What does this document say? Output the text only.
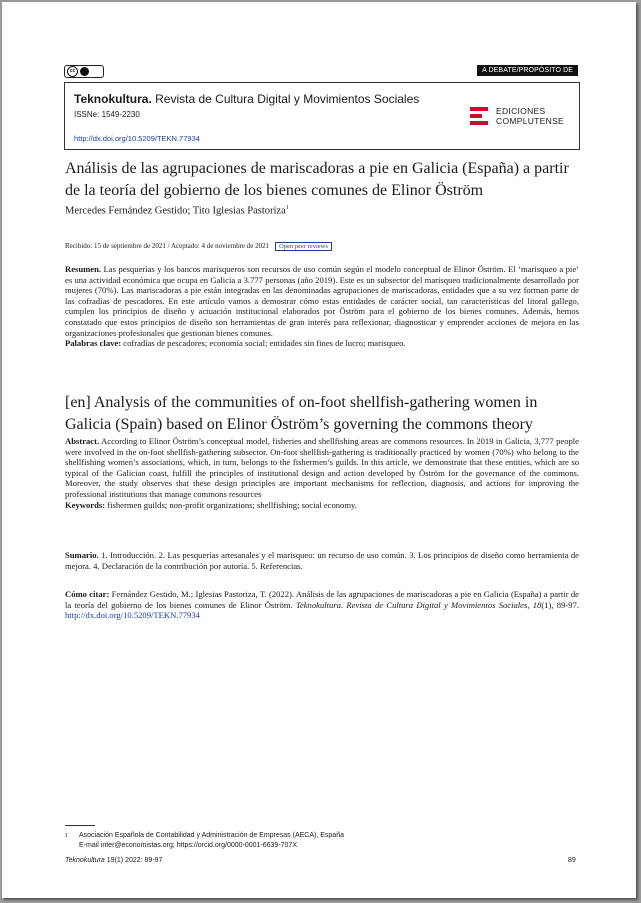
cc	A DEBATE/PROPÓSITO DE
Teknokultura. Revista de Cultura Digital y Movimientos Sociales
ISSNe: 1549-2230
http://dx.doi.org/10.5209/TEKN.77934
EDICIONES
COMPLUTENSE
Análisis de las agrupaciones de mariscadoras a pie en Galicia (España) a partir de la teoría del gobierno de los bienes comunes de Elinor Öström
Mercedes Fernández Gestido; Tito Iglesias Pastoriza$^1$
Recibido: 15 de septiembre de 2021 / Aceptado: 4 de noviembre de 2021 Open peer reviews
Resumen. Las pesquerías y los bancos marisqueros son recursos de uso común según el modelo conceptual de Elinor Öström. El ‘marisqueo a pie’ es una actividad económica que ocupa en Galicia a 3.777 personas (año 2019). Este es un subsector del marisqueo tradicionalmente desarrollado por mujeres (70%). Las mariscadoras a pie están integradas en las denominadas agrupaciones de mariscadoras, entidades que a su vez forman parte de las cofradías de pescadores. En este artículo vamos a demostrar cómo estas entidades de carácter social, tan características del litoral gallego, cumplen los principios de diseño y actuación institucional elaborados por Öström para el gobierno de los bienes comunes. Además, hemos constatado que estos principios de diseño son herramientas de gran interés para reflexionar, diagnosticar y emprender acciones de mejora en las organizaciones profesionales que gestionan bienes comunes.
Palabras clave: cofradías de pescadores; economía social; entidades sin fines de lucro; marisqueo.
[en] Analysis of the communities of on-foot shellfish-gathering women in Galicia (Spain) based on Elinor Öström’s governing the commons theory
Abstract. According to Elinor Öström’s conceptual model, fisheries and shellfishing areas are commons resources. In 2019 in Galicia, 3,777 people were involved in the on-foot shellfish-gathering subsector. On-foot shellfish-gathering is traditionally practiced by women (70%) who belong to the shellfishing women’s associations, which, in turn, belongs to the fishermen’s guilds. In this article, we demonstrate that these entities, which are so typical of the Galician coast, fulfill the principles of institutional design and action developed by Öström for the governance of the commons. Moreover, the study observes that these design principles are important mechanisms for reflection, diagnosis, and actions for improving the professional institutions that manage commons resources
Keywords: fishermen guilds; non-profit organizations; shellfishing; social economy.
Sumario. 1. Introducción. 2. Las pesquerías artesanales y el marisqueo: un recurso de uso común. 3. Los principios de diseño como herramienta de mejora. 4. Declaración de la contribución por autoría. 5. Referencias.
Cómo citar: Fernández Gestido, M.; Iglesias Pastoriza, T. (2022). Análisis de las agrupaciones de mariscadoras a pie en Galicia (España) a partir de la teoría del gobierno de los bienes comunes de Elinor Öström. Teknokultura. Revista de Cultura Digital y Movimientos Sociales, 18(1), 89-97. http://dx.doi.org/10.5209/TEKN.77934
1 Asociación Española de Contabilidad y Administración de Empresas (AECA), España
E-mail inter@economistas.org; https://orcid.org/0000-0001-6639-707X
Teknokultura 19(1) 2022: 89-97	89
